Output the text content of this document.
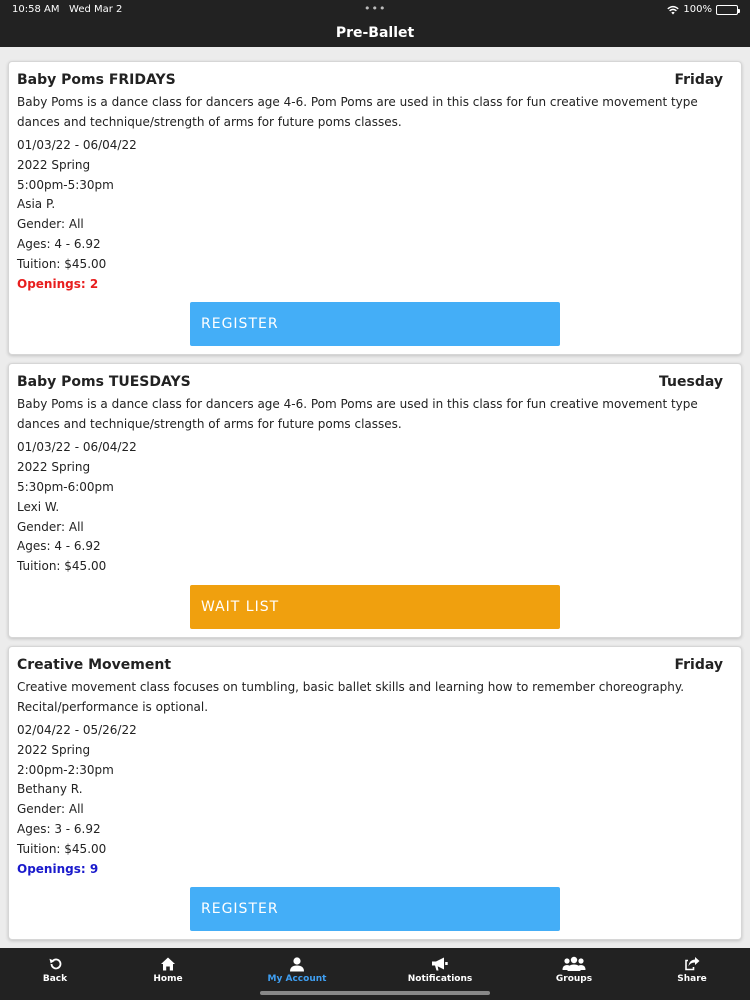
10:58 AM Wed Mar 2	•••	100%
Pre-Ballet
Baby Poms FRIDAYS	Friday
Baby Poms is a dance class for dancers age 4-6. Pom Poms are used in this class for fun creative movement type dances and technique/strength of arms for future poms classes.
01/03/22 - 06/04/22
2022 Spring
5:00pm-5:30pm
Asia P.
Gender: All
Ages: 4 - 6.92
Tuition: $45.00
Openings: 2
REGISTER
Baby Poms TUESDAYS	Tuesday
Baby Poms is a dance class for dancers age 4-6. Pom Poms are used in this class for fun creative movement type dances and technique/strength of arms for future poms classes.
01/03/22 - 06/04/22
2022 Spring
5:30pm-6:00pm
Lexi W.
Gender: All
Ages: 4 - 6.92
Tuition: $45.00
WAIT LIST
Creative Movement	Friday
Creative movement class focuses on tumbling, basic ballet skills and learning how to remember choreography. Recital/performance is optional.
02/04/22 - 05/26/22
2022 Spring
2:00pm-2:30pm
Bethany R.
Gender: All
Ages: 3 - 6.92
Tuition: $45.00
Openings: 9
REGISTER
Back	Home	My Account	Notifications	Groups	Share
